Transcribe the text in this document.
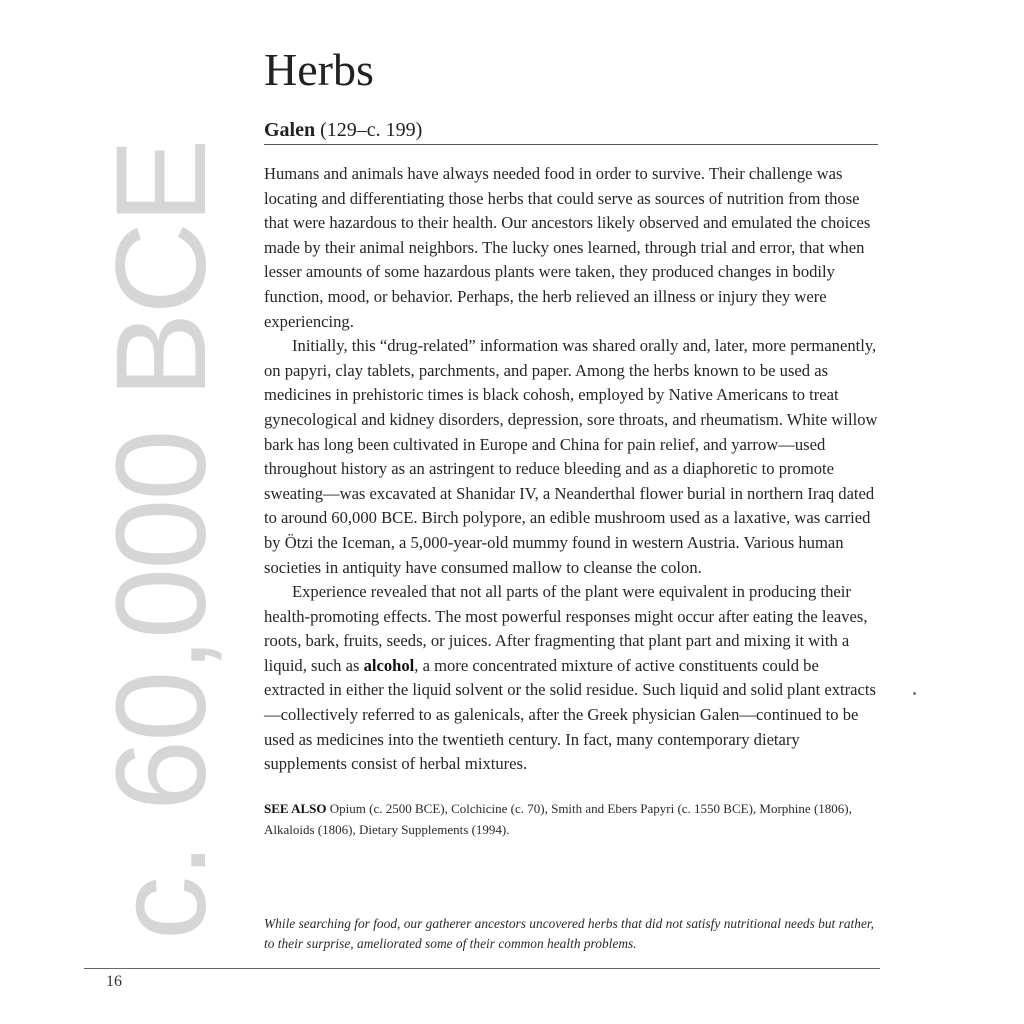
c. 60,000 BCE
Herbs
Galen (129–c. 199)

Humans and animals have always needed food in order to survive. Their challenge was locating and differentiating those herbs that could serve as sources of nutrition from those that were hazardous to their health. Our ancestors likely observed and emulated the choices made by their animal neighbors. The lucky ones learned, through trial and error, that when lesser amounts of some hazardous plants were taken, they produced changes in bodily function, mood, or behavior. Perhaps, the herb relieved an illness or injury they were experiencing.

Initially, this “drug-related” information was shared orally and, later, more permanently, on papyri, clay tablets, parchments, and paper. Among the herbs known to be used as medicines in prehistoric times is black cohosh, employed by Native Americans to treat gynecological and kidney disorders, depression, sore throats, and rheumatism. White willow bark has long been cultivated in Europe and China for pain relief, and yarrow—used throughout history as an astringent to reduce bleeding and as a diaphoretic to promote sweating—was excavated at Shanidar IV, a Neanderthal flower burial in northern Iraq dated to around 60,000 BCE. Birch polypore, an edible mushroom used as a laxative, was carried by Ötzi the Iceman, a 5,000-year-old mummy found in western Austria. Various human societies in antiquity have consumed mallow to cleanse the colon.

Experience revealed that not all parts of the plant were equivalent in producing their health-promoting effects. The most powerful responses might occur after eating the leaves, roots, bark, fruits, seeds, or juices. After fragmenting that plant part and mixing it with a liquid, such as alcohol, a more concentrated mixture of active constituents could be extracted in either the liquid solvent or the solid residue. Such liquid and solid plant extracts—collectively referred to as galenicals, after the Greek physician Galen—continued to be used as medicines into the twentieth century. In fact, many contemporary dietary supplements consist of herbal mixtures.

SEE ALSO Opium (c. 2500 BCE), Colchicine (c. 70), Smith and Ebers Papyri (c. 1550 BCE), Morphine (1806), Alkaloids (1806), Dietary Supplements (1994).
While searching for food, our gatherer ancestors uncovered herbs that did not satisfy nutritional needs but rather, to their surprise, ameliorated some of their common health problems.
16
